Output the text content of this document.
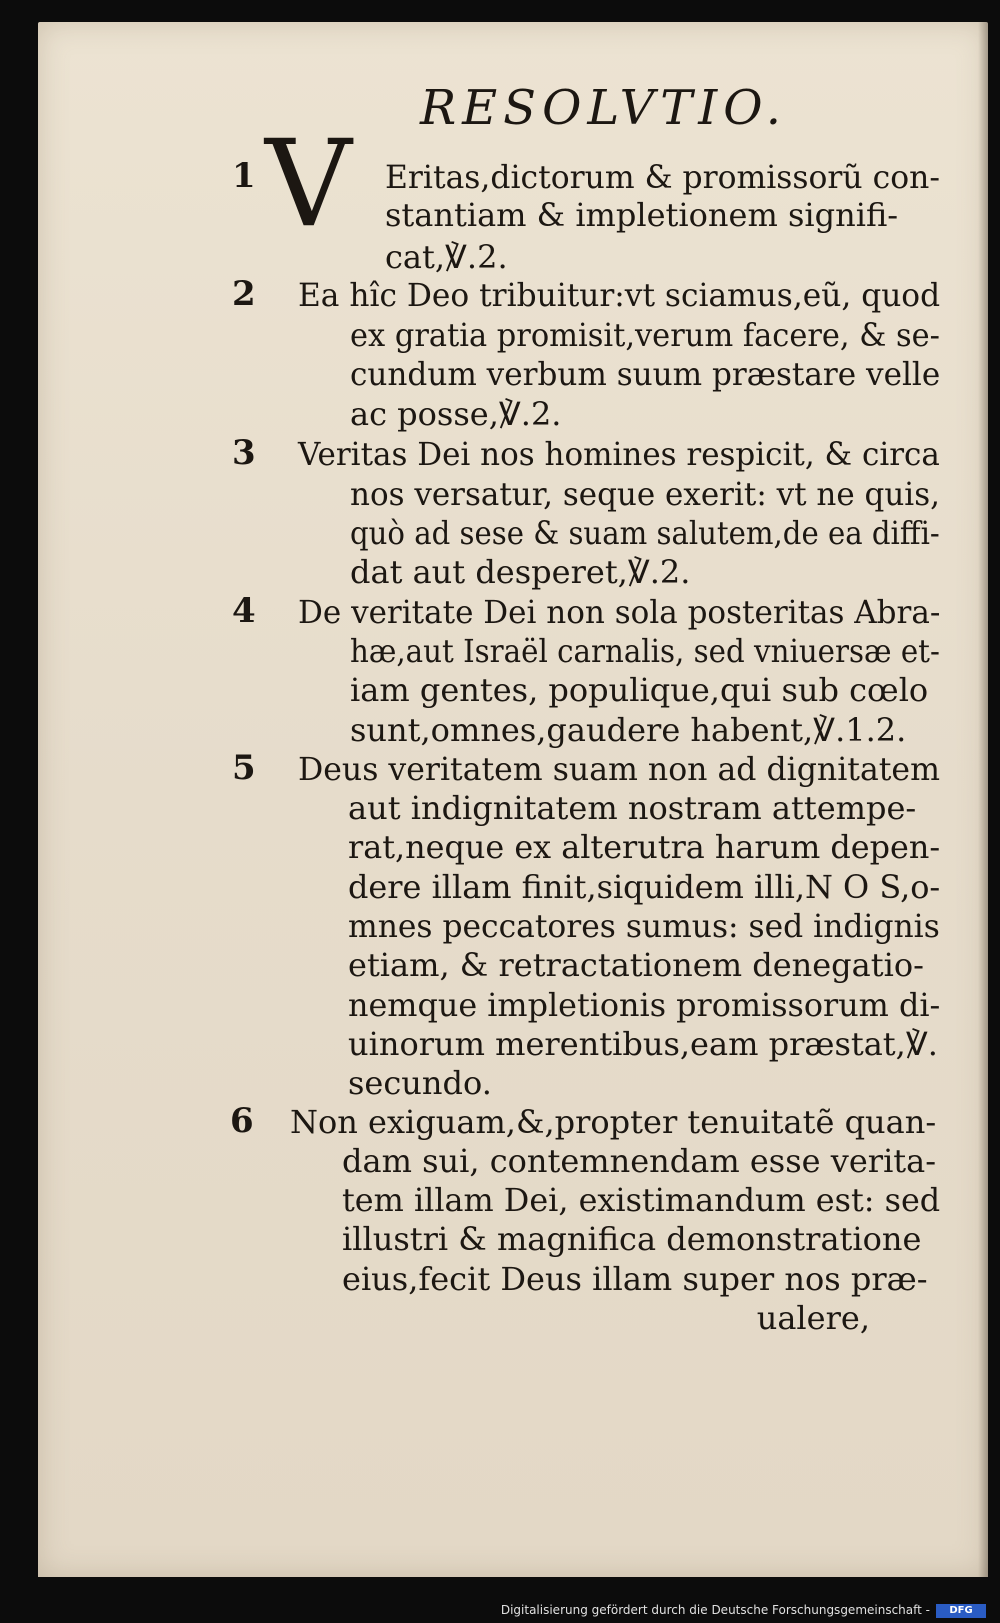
RESOLVTIO.
1 V Eritas,dictorum & promissorũ con-
stantiam & impletionem signifi-
cat,℣.2.
2 Ea hîc Deo tribuitur:vt sciamus,eũ, quod
ex gratia promisit,verum facere, & se-
cundum verbum suum præstare velle
ac posse,℣.2.
3 Veritas Dei nos homines respicit, & circa
nos versatur, seque exerit: vt ne quis,
quò ad sese & suam salutem,de ea diffi-
dat aut desperet,℣.2.
4 De veritate Dei non sola posteritas Abra-
hæ,aut Israël carnalis, sed vniuersæ et-
iam gentes, populique,qui sub cœlo
sunt,omnes,gaudere habent,℣.1.2.
5 Deus veritatem suam non ad dignitatem
aut indignitatem nostram attempe-
rat,neque ex alterutra harum depen-
dere illam finit,siquidem illi,N O S,o-
mnes peccatores sumus: sed indignis
etiam, & retractationem denegatio-
nemque impletionis promissorum di-
uinorum merentibus,eam præstat,℣.
secundo.
6 Non exiguam,&,propter tenuitatẽ quan-
dam sui, contemnendam esse verita-
tem illam Dei, existimandum est: sed
illustri & magnifica demonstratione
eius,fecit Deus illam super nos præ-
ualere,
Digitalisierung gefördert durch die Deutsche Forschungsgemeinschaft -	DFG
